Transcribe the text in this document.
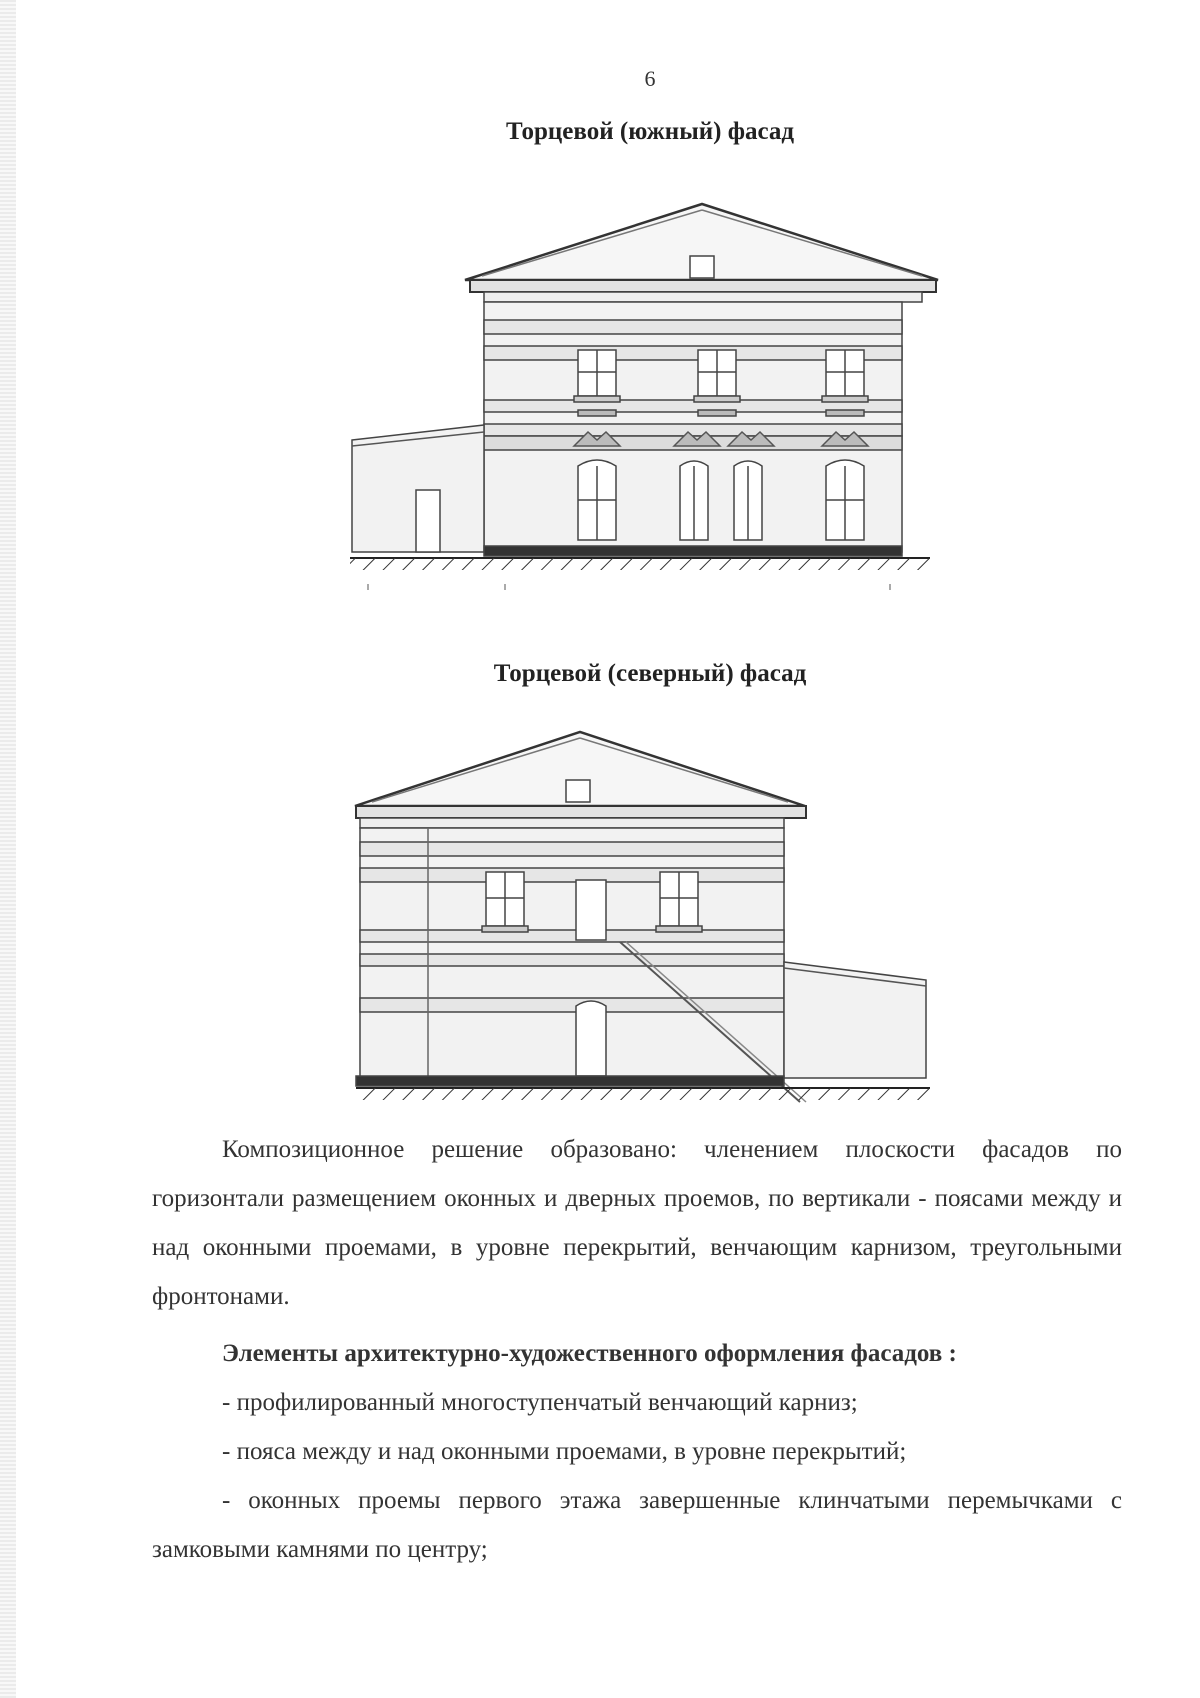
6
Торцевой (южный) фасад
Торцевой (северный) фасад

Композиционное решение образовано: членением плоскости фасадов по горизонтали размещением оконных и дверных проемов, по вертикали - поясами между и над оконными проемами, в уровне перекрытий, венчающим карнизом, треугольными фронтонами.

Элементы архитектурно-художественного оформления фасадов :

- профилированный многоступенчатый венчающий карниз;

- пояса между и над оконными проемами, в уровне перекрытий;

- оконных проемы первого этажа завершенные клинчатыми перемычками с замковыми камнями по центру;
